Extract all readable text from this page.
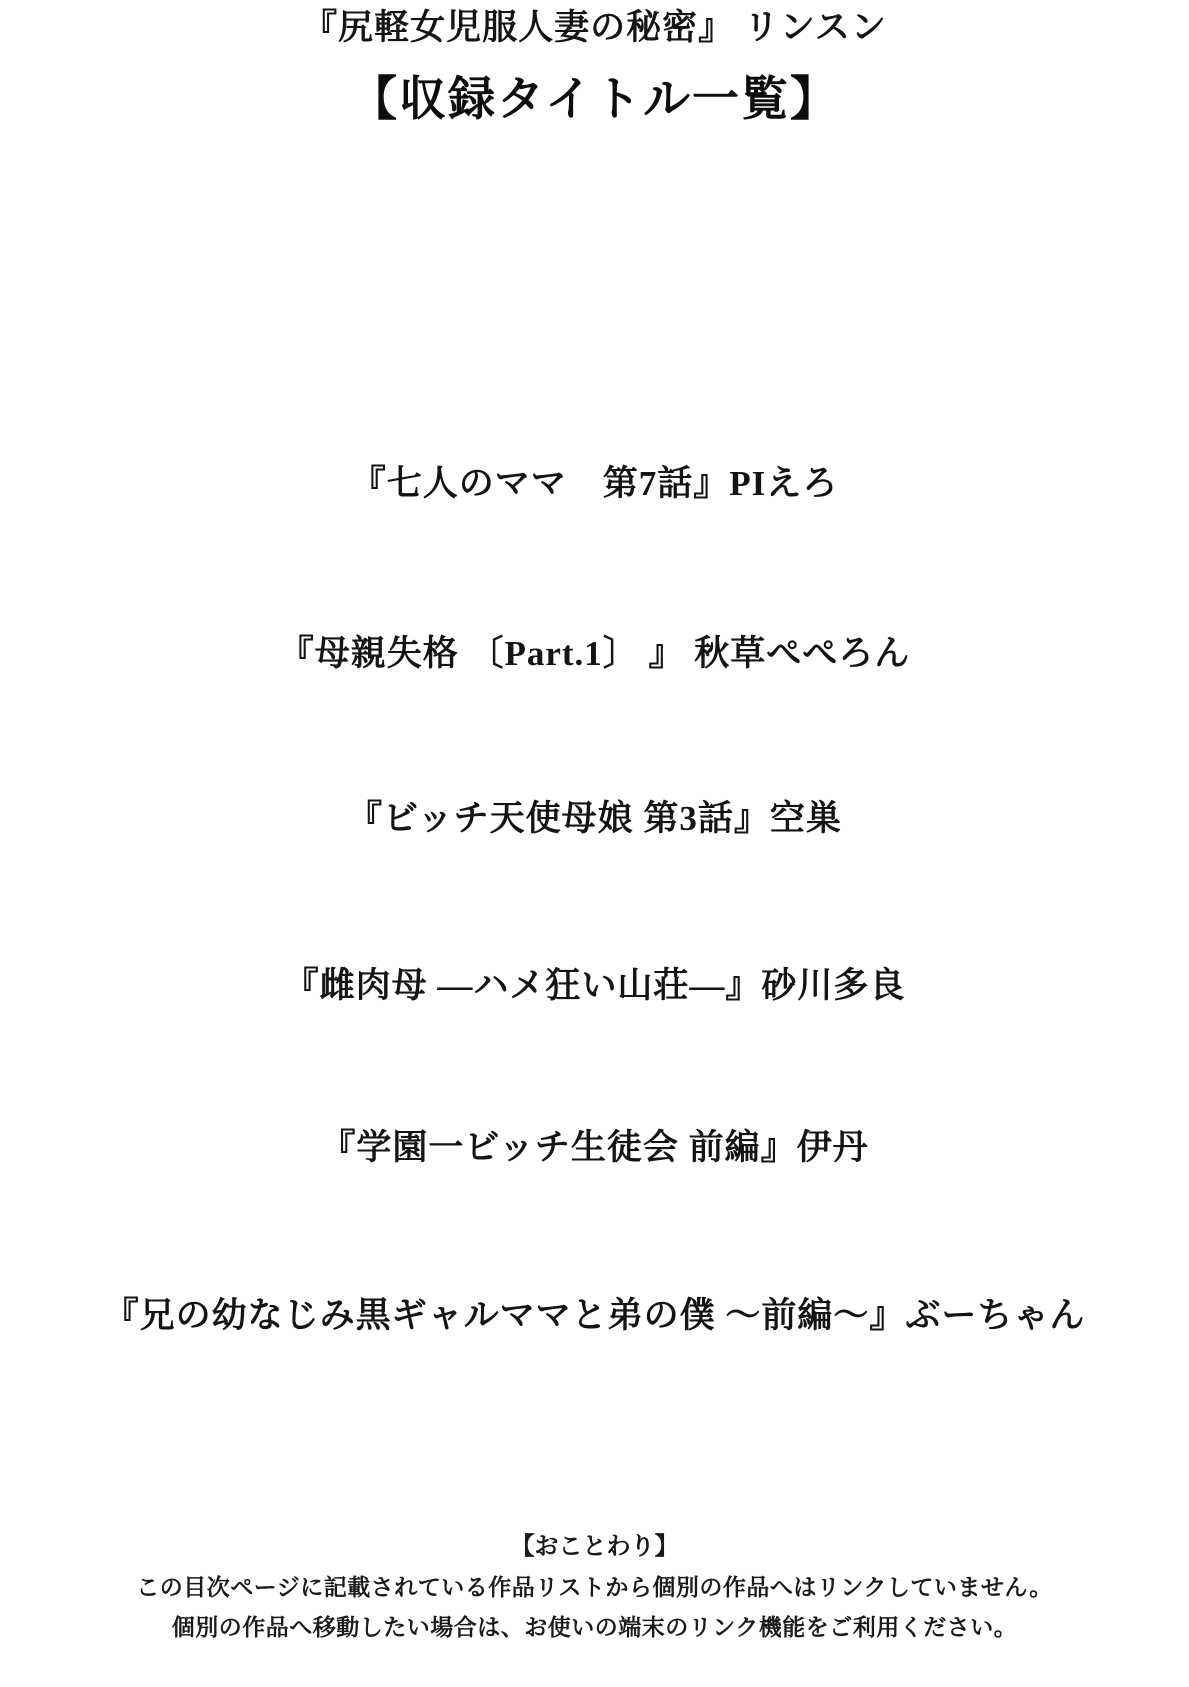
【収録タイトル一覧】
『七人のママ　第7話』PIえろ
『母親失格 〔Part.1〕 』 秋草ぺぺろん
『ビッチ天使母娘 第3話』空巣
『雌肉母 ―ハメ狂い山荘―』砂川多良
『学園一ビッチ生徒会 前編』伊丹
『兄の幼なじみ黒ギャルママと弟の僕 ～前編～』ぶーちゃん
『尻軽女児服人妻の秘密』 リンスン
【おことわり】
この目次ページに記載されている作品リストから個別の作品へはリンクしていません。
個別の作品へ移動したい場合は、お使いの端末のリンク機能をご利用ください。
